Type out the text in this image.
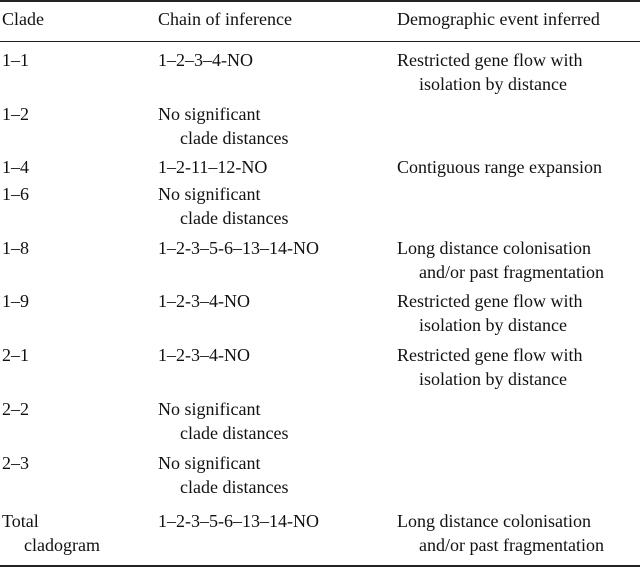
Clade	Chain of inference	Demographic event inferred
1–1	1–2–3–4-NO	Restricted gene flow with
isolation by distance
1–2	No significant
clade distances
1–4	1–2-11–12-NO	Contiguous range expansion
1–6	No significant
clade distances
1–8	1–2-3–5-6–13–14-NO	Long distance colonisation
and/or past fragmentation
1–9	1–2-3–4-NO	Restricted gene flow with
isolation by distance
2–1	1–2-3–4-NO	Restricted gene flow with
isolation by distance
2–2	No significant
clade distances
2–3	No significant
clade distances
Total
cladogram
1–2-3–5-6–13–14-NO	Long distance colonisation
and/or past fragmentation
